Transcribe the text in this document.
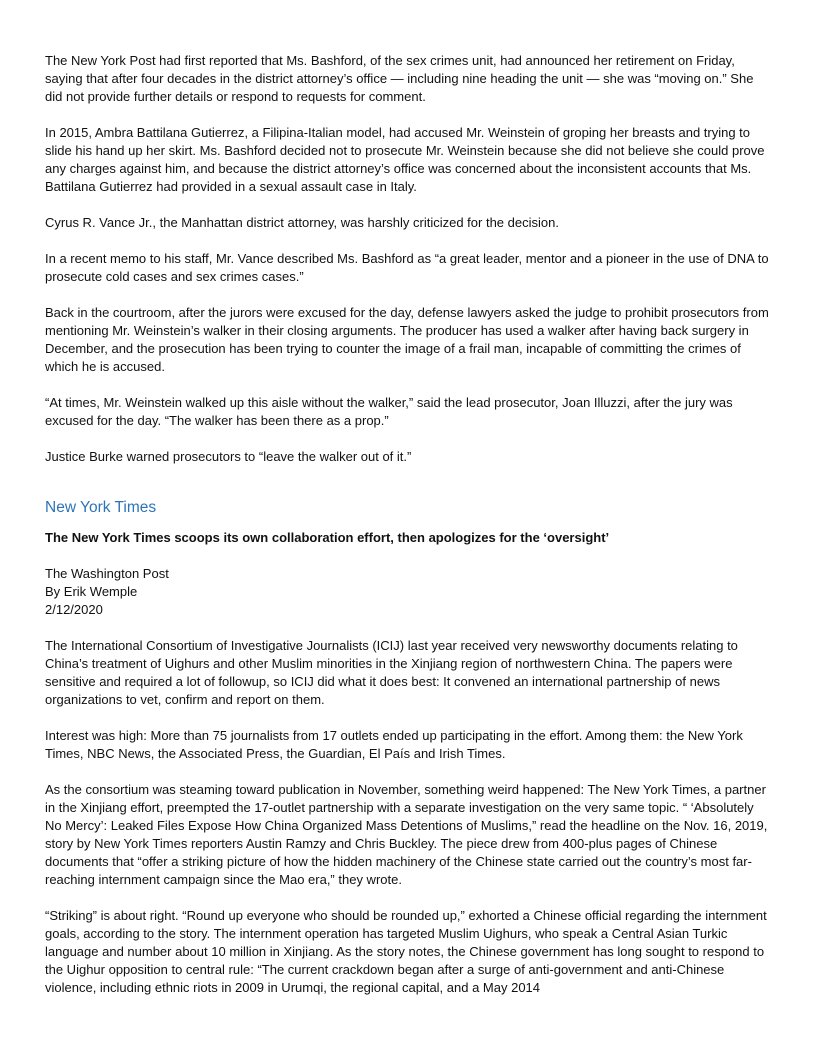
The New York Post had first reported that Ms. Bashford, of the sex crimes unit, had announced her retirement on Friday, saying that after four decades in the district attorney’s office — including nine heading the unit — she was “moving on.” She did not provide further details or respond to requests for comment.

In 2015, Ambra Battilana Gutierrez, a Filipina-Italian model, had accused Mr. Weinstein of groping her breasts and trying to slide his hand up her skirt. Ms. Bashford decided not to prosecute Mr. Weinstein because she did not believe she could prove any charges against him, and because the district attorney’s office was concerned about the inconsistent accounts that Ms. Battilana Gutierrez had provided in a sexual assault case in Italy.

Cyrus R. Vance Jr., the Manhattan district attorney, was harshly criticized for the decision.

In a recent memo to his staff, Mr. Vance described Ms. Bashford as “a great leader, mentor and a pioneer in the use of DNA to prosecute cold cases and sex crimes cases.”

Back in the courtroom, after the jurors were excused for the day, defense lawyers asked the judge to prohibit prosecutors from mentioning Mr. Weinstein’s walker in their closing arguments. The producer has used a walker after having back surgery in December, and the prosecution has been trying to counter the image of a frail man, incapable of committing the crimes of which he is accused.

“At times, Mr. Weinstein walked up this aisle without the walker,” said the lead prosecutor, Joan Illuzzi, after the jury was excused for the day. “The walker has been there as a prop.”

Justice Burke warned prosecutors to “leave the walker out of it.”

New York Times

The New York Times scoops its own collaboration effort, then apologizes for the ‘oversight’

The Washington Post
By Erik Wemple
2/12/2020

The International Consortium of Investigative Journalists (ICIJ) last year received very newsworthy documents relating to China’s treatment of Uighurs and other Muslim minorities in the Xinjiang region of northwestern China. The papers were sensitive and required a lot of followup, so ICIJ did what it does best: It convened an international partnership of news organizations to vet, confirm and report on them.

Interest was high: More than 75 journalists from 17 outlets ended up participating in the effort. Among them: the New York Times, NBC News, the Associated Press, the Guardian, El País and Irish Times.

As the consortium was steaming toward publication in November, something weird happened: The New York Times, a partner in the Xinjiang effort, preempted the 17-outlet partnership with a separate investigation on the very same topic. “ ‘Absolutely No Mercy’: Leaked Files Expose How China Organized Mass Detentions of Muslims,” read the headline on the Nov. 16, 2019, story by New York Times reporters Austin Ramzy and Chris Buckley. The piece drew from 400-plus pages of Chinese documents that “offer a striking picture of how the hidden machinery of the Chinese state carried out the country’s most far-reaching internment campaign since the Mao era,” they wrote.

“Striking” is about right. “Round up everyone who should be rounded up,” exhorted a Chinese official regarding the internment goals, according to the story. The internment operation has targeted Muslim Uighurs, who speak a Central Asian Turkic language and number about 10 million in Xinjiang. As the story notes, the Chinese government has long sought to respond to the Uighur opposition to central rule: “The current crackdown began after a surge of anti-government and anti-Chinese violence, including ethnic riots in 2009 in Urumqi, the regional capital, and a May 2014
